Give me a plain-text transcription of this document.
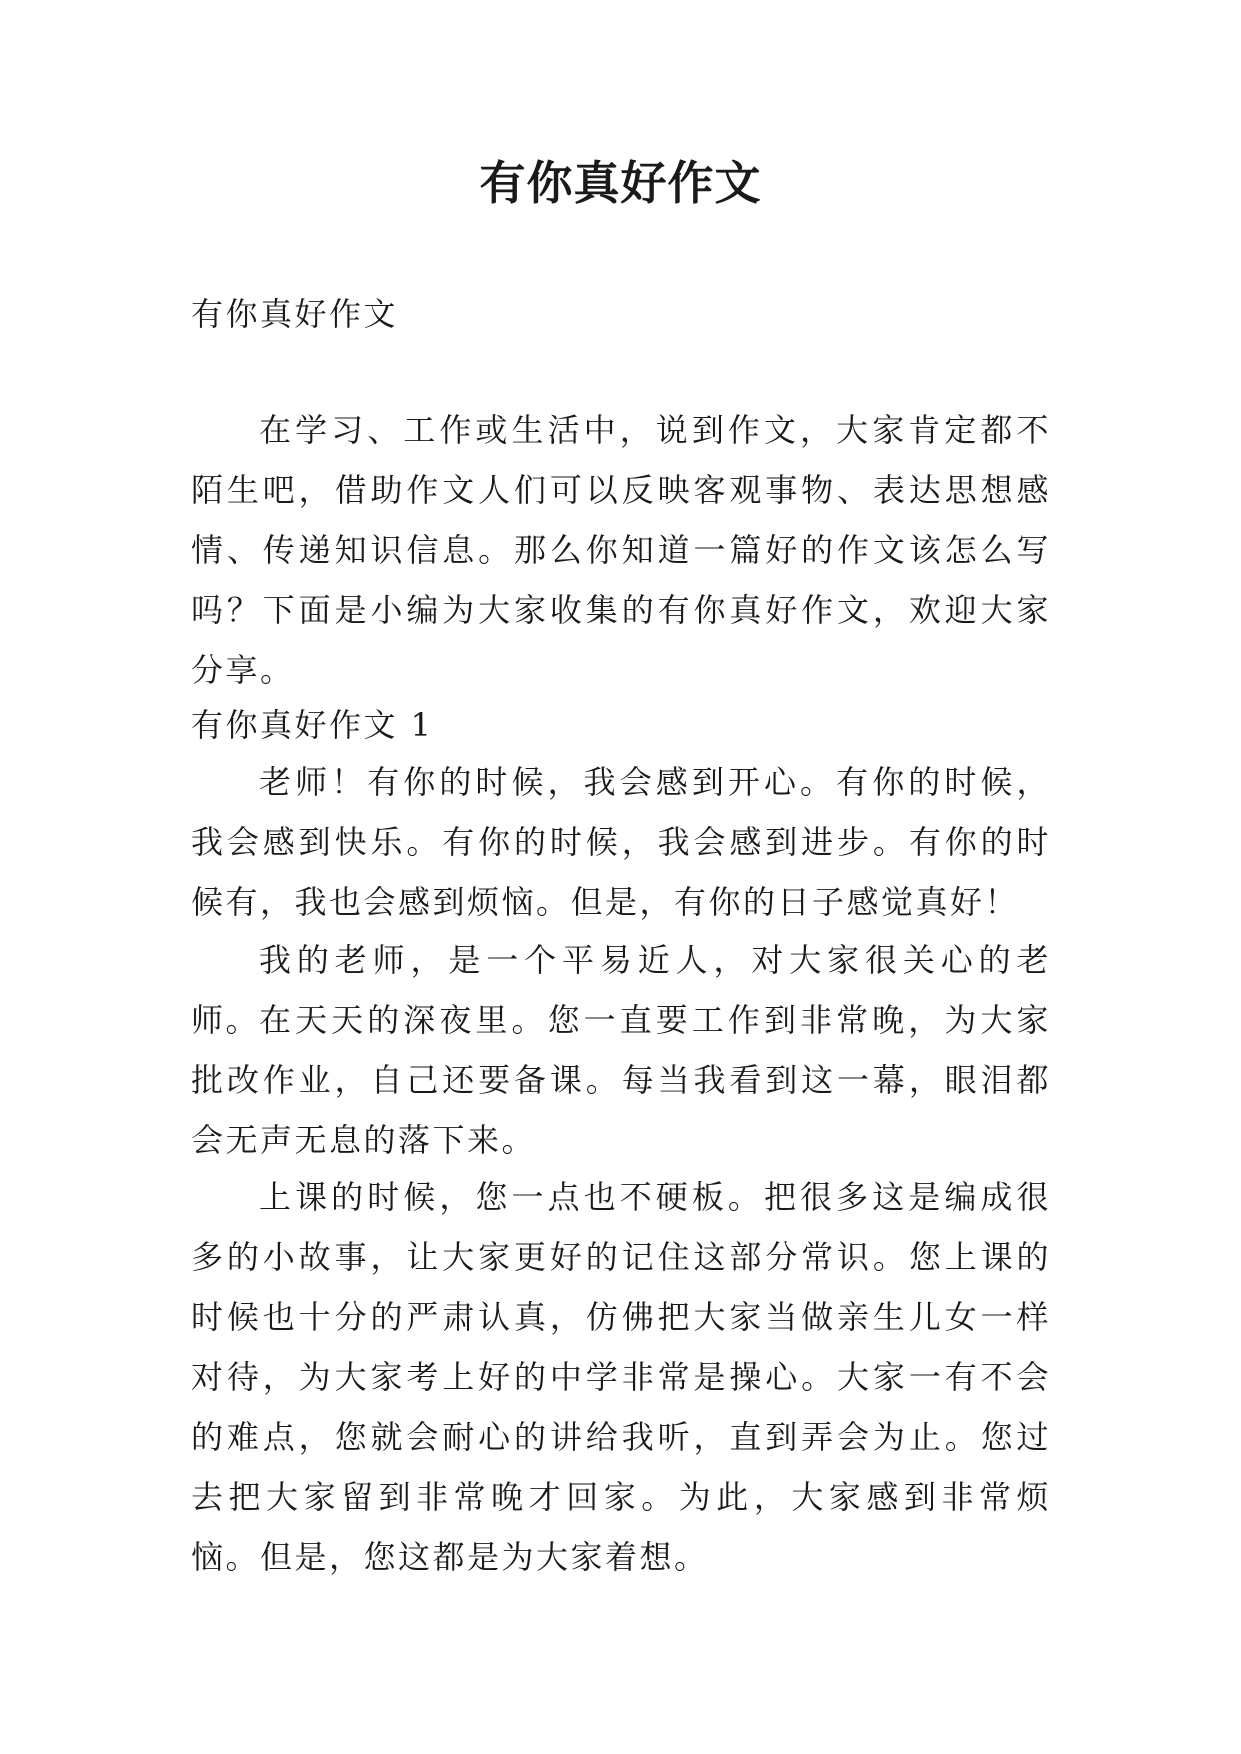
有你真好作文

有你真好作文

在学习、工作或生活中，说到作文，大家肯定都不陌生吧，借助作文人们可以反映客观事物、表达思想感情、传递知识信息。那么你知道一篇好的作文该怎么写吗？下面是小编为大家收集的有你真好作文，欢迎大家分享。

有你真好作文 1

老师！有你的时候，我会感到开心。有你的时候，我会感到快乐。有你的时候，我会感到进步。有你的时候有，我也会感到烦恼。但是，有你的日子感觉真好！

我的老师，是一个平易近人，对大家很关心的老师。

在天天的深夜里。您一直要工作到非常晚，为大家批改作业，自己还要备课。每当我看到这一幕，眼泪都会无声无息的落下来。

上课的时候，您一点也不硬板。把很多这是编成很多的小故事，让大家更好的记住这部分常识。您上课的时候也十分的严肃认真，仿佛把大家当做亲生儿女一样对待，为大家考上好的中学非常是操心。大家一有不会的难点，您就会耐心的讲给我听，直到弄会为止。您过去把大家留到非常晚才回家。为此，大家感到非常烦恼。但是，您这都是为大家着想。
